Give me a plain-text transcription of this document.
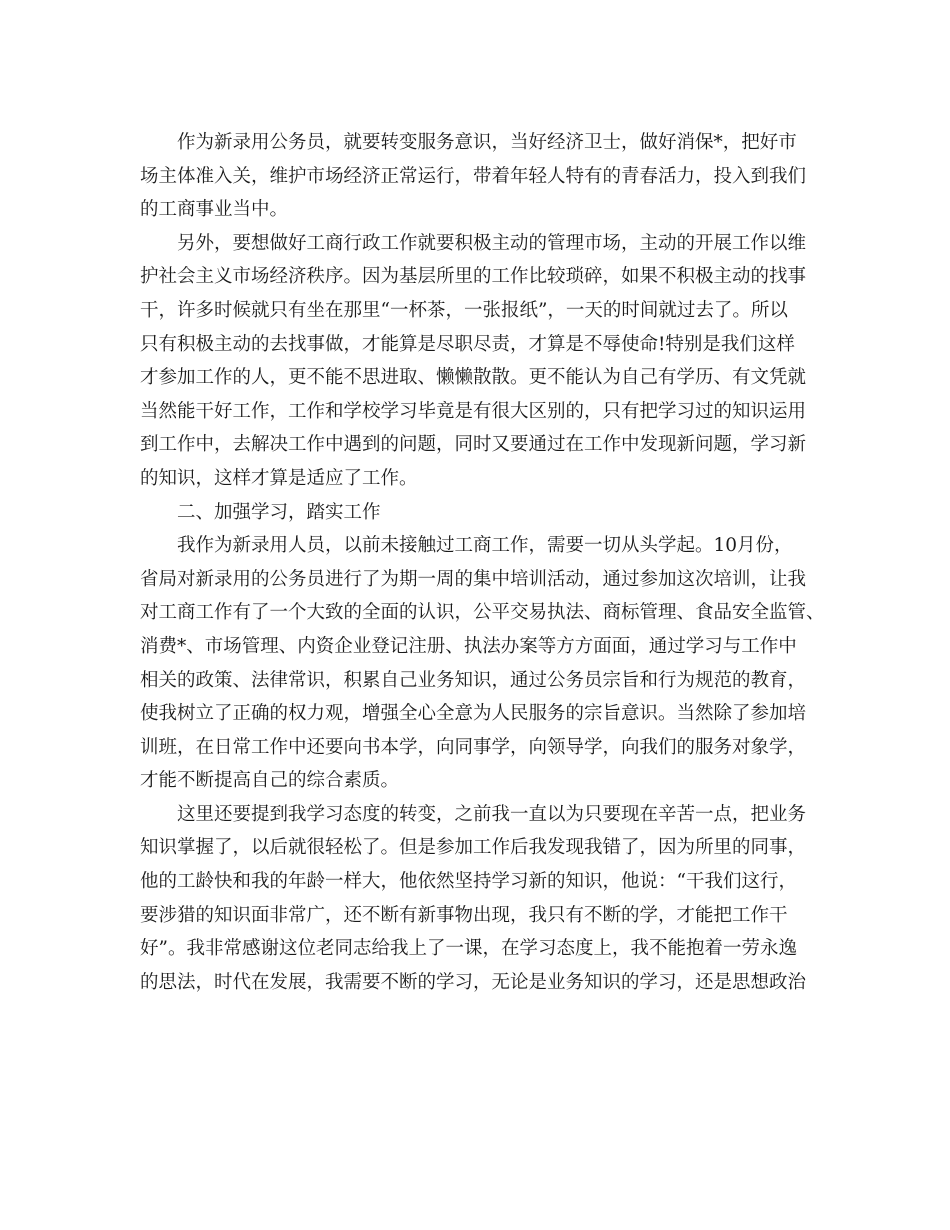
作为新录用公务员，就要转变服务意识，当好经济卫士，做好消保*，把好市
场主体准入关，维护市场经济正常运行，带着年轻人特有的青春活力，投入到我们
的工商事业当中。
另外，要想做好工商行政工作就要积极主动的管理市场，主动的开展工作以维
护社会主义市场经济秩序。因为基层所里的工作比较琐碎，如果不积极主动的找事
干，许多时候就只有坐在那里“一杯茶，一张报纸”，一天的时间就过去了。所以
只有积极主动的去找事做，才能算是尽职尽责，才算是不辱使命!特别是我们这样
才参加工作的人，更不能不思进取、懒懒散散。更不能认为自己有学历、有文凭就
当然能干好工作，工作和学校学习毕竟是有很大区别的，只有把学习过的知识运用
到工作中，去解决工作中遇到的问题，同时又要通过在工作中发现新问题，学习新
的知识，这样才算是适应了工作。
二、加强学习，踏实工作
我作为新录用人员，以前未接触过工商工作，需要一切从头学起。10月份，
省局对新录用的公务员进行了为期一周的集中培训活动，通过参加这次培训，让我
对工商工作有了一个大致的全面的认识，公平交易执法、商标管理、食品安全监管、
消费*、市场管理、内资企业登记注册、执法办案等方方面面，通过学习与工作中
相关的政策、法律常识，积累自己业务知识，通过公务员宗旨和行为规范的教育，
使我树立了正确的权力观，增强全心全意为人民服务的宗旨意识。当然除了参加培
训班，在日常工作中还要向书本学，向同事学，向领导学，向我们的服务对象学，
才能不断提高自己的综合素质。
这里还要提到我学习态度的转变，之前我一直以为只要现在辛苦一点，把业务
知识掌握了，以后就很轻松了。但是参加工作后我发现我错了，因为所里的同事，
他的工龄快和我的年龄一样大，他依然坚持学习新的知识，他说：“干我们这行，
要涉猎的知识面非常广，还不断有新事物出现，我只有不断的学，才能把工作干
好”。我非常感谢这位老同志给我上了一课，在学习态度上，我不能抱着一劳永逸
的思法，时代在发展，我需要不断的学习，无论是业务知识的学习，还是思想政治
